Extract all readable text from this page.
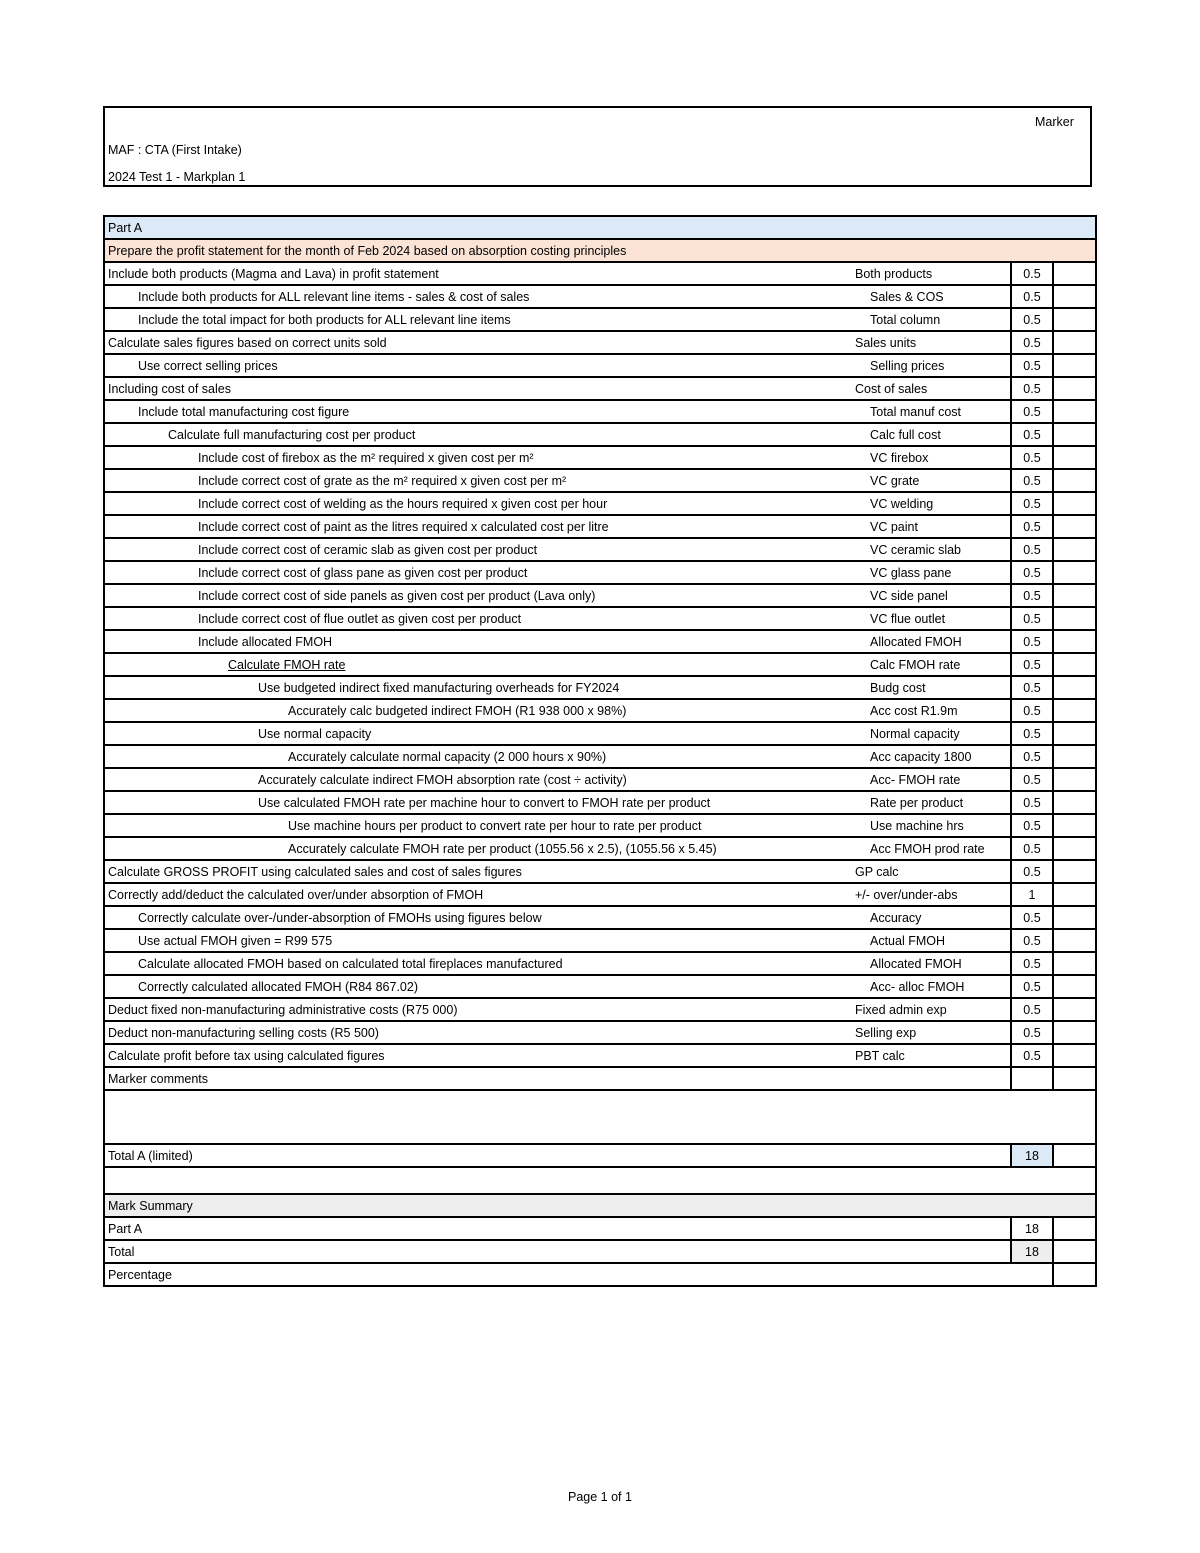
Marker
MAF : CTA (First Intake)
2024 Test 1 - Markplan 1
Part A			
Prepare the profit statement for the month of Feb 2024 based on absorption costing principles			
Include both products (Magma and Lava) in profit statement	Both products	0.5	
Include both products for ALL relevant line items - sales & cost of sales	Sales & COS	0.5	
Include the total impact for both products for ALL relevant line items	Total column	0.5	
Calculate sales figures based on correct units sold	Sales units	0.5	
Use correct selling prices	Selling prices	0.5	
Including cost of sales	Cost of sales	0.5	
Include total manufacturing cost figure	Total manuf cost	0.5	
Calculate full manufacturing cost per product	Calc full cost	0.5	
Include cost of firebox as the m² required x given cost per m²	VC firebox	0.5	
Include correct cost of grate as the m² required x given cost per m²	VC grate	0.5	
Include correct cost of welding as the hours required x given cost per hour	VC welding	0.5	
Include correct cost of paint as the litres required x calculated cost per litre	VC paint	0.5	
Include correct cost of ceramic slab as given cost per product	VC ceramic slab	0.5	
Include correct cost of glass pane as given cost per product	VC glass pane	0.5	
Include correct cost of side panels as given cost per product (Lava only)	VC side panel	0.5	
Include correct cost of flue outlet as given cost per product	VC flue outlet	0.5	
Include allocated FMOH	Allocated FMOH	0.5	
Calculate FMOH rate	Calc FMOH rate	0.5	
Use budgeted indirect fixed manufacturing overheads for FY2024	Budg cost	0.5	
Accurately calc budgeted indirect FMOH (R1 938 000 x 98%)	Acc cost R1.9m	0.5	
Use normal capacity	Normal capacity	0.5	
Accurately calculate normal capacity (2 000 hours x 90%)	Acc capacity 1800	0.5	
Accurately calculate indirect FMOH absorption rate (cost ÷ activity)	Acc- FMOH rate	0.5	
Use calculated FMOH rate per machine hour to convert to FMOH rate per product	Rate per product	0.5	
Use machine hours per product to convert rate per hour to rate per product	Use machine hrs	0.5	
Accurately calculate FMOH rate per product (1055.56 x 2.5), (1055.56 x 5.45)	Acc FMOH prod rate	0.5	
Calculate GROSS PROFIT using calculated sales and cost of sales figures	GP calc	0.5	
Correctly add/deduct the calculated over/under absorption of FMOH	+/- over/under-abs	1	
Correctly calculate over-/under-absorption of FMOHs using figures below	Accuracy	0.5	
Use actual FMOH given = R99 575	Actual FMOH	0.5	
Calculate allocated FMOH based on calculated total fireplaces manufactured	Allocated FMOH	0.5	
Correctly calculated allocated FMOH (R84 867.02)	Acc- alloc FMOH	0.5	
Deduct fixed non-manufacturing administrative costs (R75 000)	Fixed admin exp	0.5	
Deduct non-manufacturing selling costs (R5 500)	Selling exp	0.5	
Calculate profit before tax using calculated figures	PBT calc	0.5	
Marker comments			

Total A (limited)		18	

Mark Summary			
Part A		18	
Total		18	
Percentage			
Page 1 of 1
